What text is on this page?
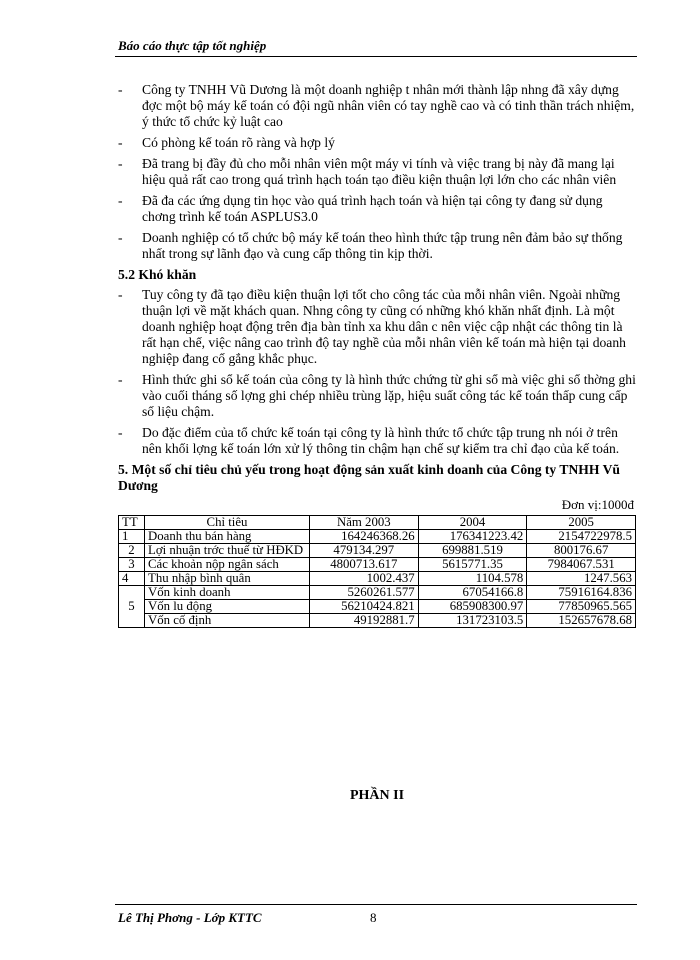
Báo cáo thực tập tốt nghiệp

- Công ty TNHH Vũ Dương là một doanh nghiệp t nhân mới thành lập nhng đã xây dựng đợc một bộ máy kế toán có đội ngũ nhân viên có tay nghề cao và có tinh thần trách nhiệm, ý thức tổ chức kỷ luật cao

- Có phòng kế toán rõ ràng và hợp lý

- Đã trang bị đầy đủ cho mỗi nhân viên một máy vi tính và việc trang bị này đã mang lại hiệu quả rất cao trong quá trình hạch toán tạo điều kiện thuận lợi lớn cho các nhân viên

- Đã đa các ứng dụng tin học vào quá trình hạch toán và hiện tại công ty đang sử dụng chơng trình kế toán ASPLUS3.0

- Doanh nghiệp có tổ chức bộ máy kế toán theo hình thức tập trung nên đảm bảo sự thống nhất trong sự lãnh đạo và cung cấp thông tin kịp thời.

5.2 Khó khăn

- Tuy công ty đã tạo điều kiện thuận lợi tốt cho công tác của mỗi nhân viên. Ngoài những thuận lợi về mặt khách quan. Nhng công ty cũng có những khó khăn nhất định. Là một doanh nghiệp hoạt động trên địa bàn tỉnh xa khu dân c nên việc cập nhật các thông tin là rất hạn chế, việc nâng cao trình độ tay nghề của mỗi nhân viên kế toán mà hiện tại doanh nghiệp đang cố gắng khắc phục.

- Hình thức ghi sổ kế toán của công ty là hình thức chứng từ ghi sổ mà việc ghi sổ thờng ghi vào cuối tháng số lợng ghi chép nhiều trùng lặp, hiệu suất công tác kế toán thấp cung cấp số liệu chậm.

- Do đặc điểm của tổ chức kế toán tại công ty là hình thức tổ chức tập trung nh nói ở trên nên khối lợng kế toán lớn xử lý thông tin chậm hạn chế sự kiểm tra chỉ đạo của kế toán.

5. Một số chỉ tiêu chủ yếu trong hoạt động sản xuất kinh doanh của Công ty TNHH Vũ Dương

Đơn vị:1000đ
TT	Chỉ tiêu	Năm 2003	2004	2005
1	Doanh thu bán hàng	164246368.26	176341223.42	2154722978.5
2	Lợi nhuận trớc thuế từ HĐKD	479134.297	699881.519	800176.67
3	Các khoản nộp ngân sách	4800713.617	5615771.35	7984067.531
4	Thu nhập bình quân	1002.437	1104.578	1247.563
5	Vốn kinh doanh	5260261.577	67054166.8	75916164.836
	Vốn lu động	56210424.821	685908300.97	77850965.565
	Vốn cố định	49192881.7	131723103.5	152657678.68
PHẦN II
Lê Thị Phơng - Lớp KTTC	8
